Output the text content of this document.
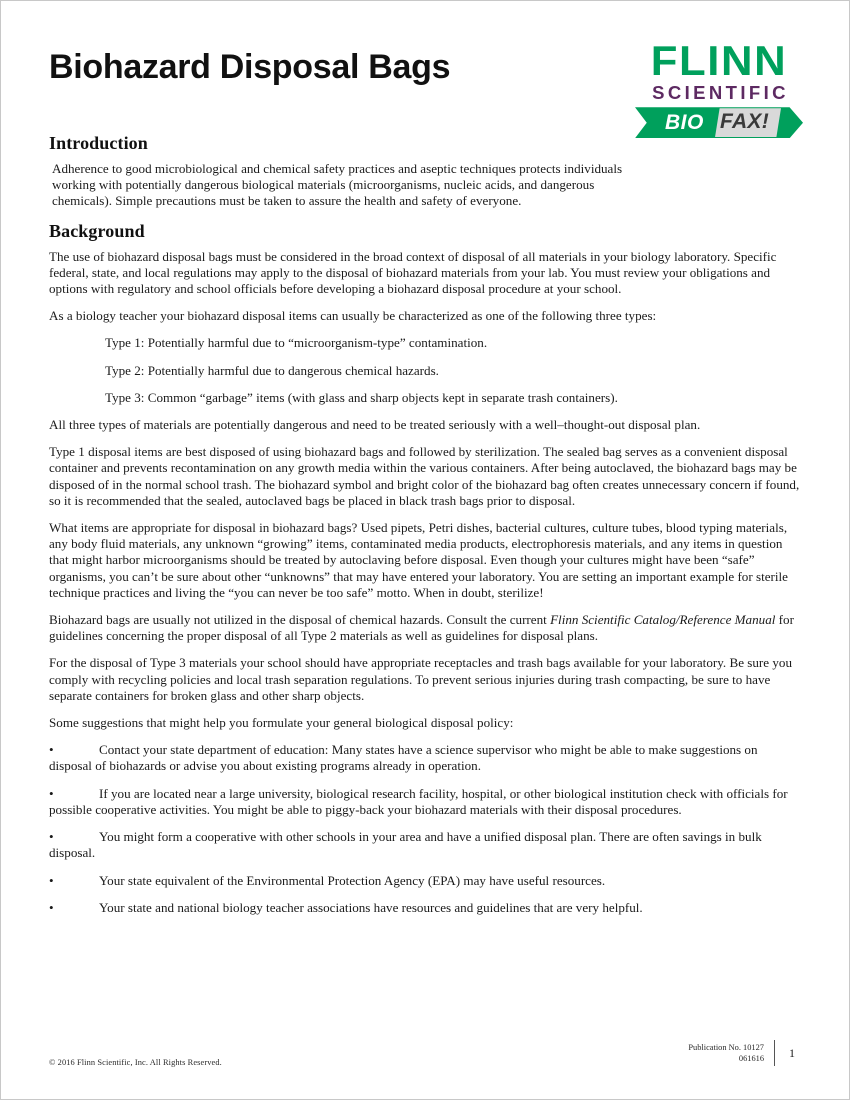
Biohazard Disposal Bags	FLINN
SCIENTIFIC
BIO FAX!
Introduction

Adherence to good microbiological and chemical safety practices and aseptic techniques protects individuals working with potentially dangerous biological materials (microorganisms, nucleic acids, and dangerous chemicals). Simple precautions must be taken to assure the health and safety of everyone.

Background

The use of biohazard disposal bags must be considered in the broad context of disposal of all materials in your biology laboratory. Specific federal, state, and local regulations may apply to the disposal of biohazard materials from your lab. You must review your obligations and options with regulatory and school officials before developing a biohazard disposal procedure at your school.

As a biology teacher your biohazard disposal items can usually be characterized as one of the following three types:

Type 1: Potentially harmful due to “microorganism-type” contamination.

Type 2: Potentially harmful due to dangerous chemical hazards.

Type 3: Common “garbage” items (with glass and sharp objects kept in separate trash containers).

All three types of materials are potentially dangerous and need to be treated seriously with a well–thought-out disposal plan.

Type 1 disposal items are best disposed of using biohazard bags and followed by sterilization. The sealed bag serves as a convenient disposal container and prevents recontamination on any growth media within the various containers. After being autoclaved, the biohazard bags may be disposed of in the normal school trash. The biohazard symbol and bright color of the biohazard bag often creates unnecessary concern if found, so it is recommended that the sealed, autoclaved bags be placed in black trash bags prior to disposal.

What items are appropriate for disposal in biohazard bags? Used pipets, Petri dishes, bacterial cultures, culture tubes, blood typing materials, any body fluid materials, any unknown “growing” items, contaminated media products, electrophoresis materials, and any items in question that might harbor microorganisms should be treated by autoclaving before disposal. Even though your cultures might have been “safe” organisms, you can’t be sure about other “unknowns” that may have entered your laboratory. You are setting an important example for sterile technique practices and living the “you can never be too safe” motto. When in doubt, sterilize!

Biohazard bags are usually not utilized in the disposal of chemical hazards. Consult the current Flinn Scientific Catalog/Reference Manual for guidelines concerning the proper disposal of all Type 2 materials as well as guidelines for disposal plans.

For the disposal of Type 3 materials your school should have appropriate receptacles and trash bags available for your laboratory. Be sure you comply with recycling policies and local trash separation regulations. To prevent serious injuries during trash compacting, be sure to have separate containers for broken glass and other sharp objects.

Some suggestions that might help you formulate your general biological disposal policy:

•	Contact your state department of education: Many states have a science supervisor who might be able to make suggestions on disposal of biohazards or advise you about existing programs already in operation.
•	If you are located near a large university, biological research facility, hospital, or other biological institution check with officials for possible cooperative activities. You might be able to piggy-back your biohazard materials with their disposal procedures.
•	You might form a cooperative with other schools in your area and have a unified disposal plan. There are often savings in bulk disposal.
•	Your state equivalent of the Environmental Protection Agency (EPA) may have useful resources.
•	Your state and national biology teacher associations have resources and guidelines that are very helpful.
© 2016 Flinn Scientific, Inc. All Rights Reserved.
Publication No. 10127
061616	1
